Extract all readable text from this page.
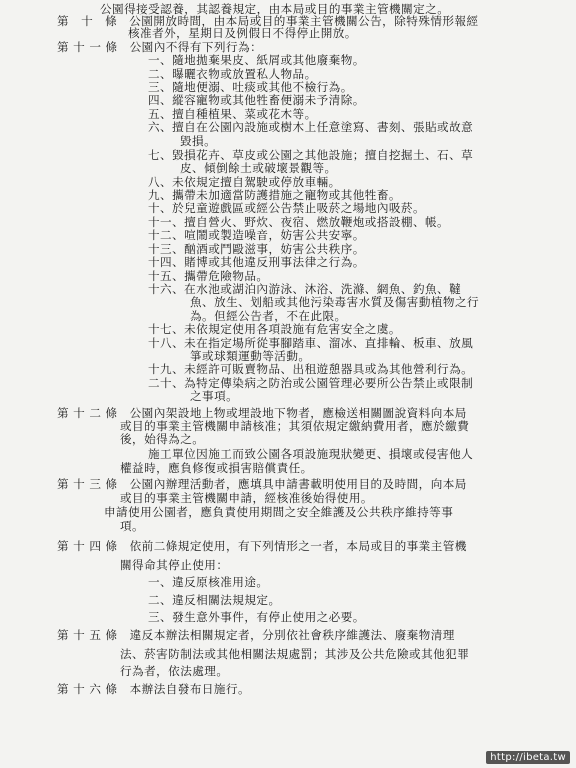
公園得接受認養，其認養規定，由本局或目的事業主管機關定之。
第　十　條　公園開放時間，由本局或目的事業主管機關公告，除特殊情形報經
核准者外，星期日及例假日不得停止開放。
第 十 一 條　公園內不得有下列行為：
一、隨地拋棄果皮、紙屑或其他廢棄物。
二、曝曬衣物或放置私人物品。
三、隨地便溺、吐痰或其他不檢行為。
四、縱容寵物或其他牲畜便溺未予清除。
五、擅自種植果、菜或花木等。
六、擅自在公園內設施或樹木上任意塗寫、書刻、張貼或故意
毀損。
七、毀損花卉、草皮或公園之其他設施；擅自挖掘土、石、草
皮、傾倒餘土或破壞景觀等。
八、未依規定擅自駕駛或停放車輛。
九、攜帶未加適當防護措施之寵物或其他牲畜。
十、於兒童遊戲區或經公告禁止吸菸之場地內吸菸。
十一、擅自營火、野炊、夜宿、燃放鞭炮或搭設棚、帳。
十二、喧鬧或製造噪音，妨害公共安寧。
十三、酗酒或鬥毆滋事，妨害公共秩序。
十四、賭博或其他違反刑事法律之行為。
十五、攜帶危險物品。
十六、在水池或湖泊內游泳、沐浴、洗滌、網魚、釣魚、韃
魚、放生、划船或其他污染毒害水質及傷害動植物之行
為。但經公告者，不在此限。
十七、未依規定使用各項設施有危害安全之虞。
十八、未在指定場所從事腳踏車、溜冰、直排輪、板車、放風
箏或球類運動等活動。
十九、未經許可販賣物品、出租遊憩器具或為其他營利行為。
二十、為特定傳染病之防治或公園管理必要所公告禁止或限制
之事項。
第 十 二 條　公園內架設地上物或埋設地下物者，應檢送相關圖說資料向本局
或目的事業主管機關申請核准；其須依規定繳納費用者，應於繳費
後，始得為之。
施工單位因施工而致公園各項設施現狀變更、損壞或侵害他人
權益時，應負修復或損害賠償責任。
第 十 三 條　公園內辦理活動者，應填具申請書載明使用目的及時間，向本局
或目的事業主管機關申請，經核准後始得使用。
申請使用公園者，應負責使用期間之安全維護及公共秩序維持等事
項。
第 十 四 條　依前二條規定使用，有下列情形之一者，本局或目的事業主管機
關得命其停止使用：
一、違反原核准用途。
二、違反相關法規規定。
三、發生意外事件，有停止使用之必要。
第 十 五 條　違反本辦法相關規定者，分別依社會秩序維護法、廢棄物清理
法、菸害防制法或其他相關法規處罰；其涉及公共危險或其他犯罪
行為者，依法處理。
第 十 六 條　本辦法自發布日施行。
http://ibeta.tw
